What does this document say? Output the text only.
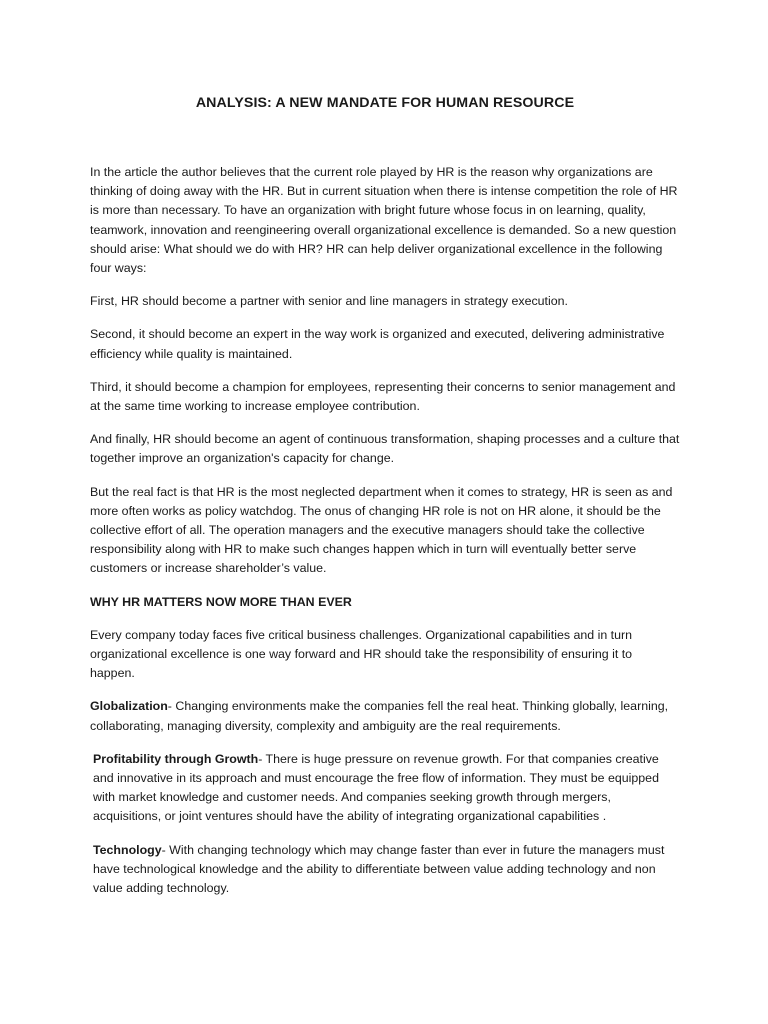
ANALYSIS: A NEW MANDATE FOR HUMAN RESOURCE

In the article the author believes that the current role played by HR is the reason why organizations are thinking of doing away with the HR. But in current situation when there is intense competition the role of HR is more than necessary. To have an organization with bright future whose focus in on learning, quality, teamwork, innovation and reengineering overall organizational excellence is demanded. So a new question should arise: What should we do with HR? HR can help deliver organizational excellence in the following four ways:

First, HR should become a partner with senior and line managers in strategy execution.

Second, it should become an expert in the way work is organized and executed, delivering administrative efficiency while quality is maintained.

Third, it should become a champion for employees, representing their concerns to senior management and at the same time working to increase employee contribution.

And finally, HR should become an agent of continuous transformation, shaping processes and a culture that together improve an organization's capacity for change.

But the real fact is that HR is the most neglected department when it comes to strategy, HR is seen as and more often works as policy watchdog. The onus of changing HR role is not on HR alone, it should be the collective effort of all. The operation managers and the executive managers should take the collective responsibility along with HR to make such changes happen which in turn will eventually better serve customers or increase shareholder’s value.

WHY HR MATTERS NOW MORE THAN EVER

Every company today faces five critical business challenges. Organizational capabilities and in turn organizational excellence is one way forward and HR should take the responsibility of ensuring it to happen.

Globalization- Changing environments make the companies fell the real heat. Thinking globally, learning, collaborating, managing diversity, complexity and ambiguity are the real requirements.

Profitability through Growth- There is huge pressure on revenue growth. For that companies creative and innovative in its approach and must encourage the free flow of information. They must be equipped with market knowledge and customer needs. And companies seeking growth through mergers, acquisitions, or joint ventures should have the ability of integrating organizational capabilities .

Technology- With changing technology which may change faster than ever in future the managers must have technological knowledge and the ability to differentiate between value adding technology and non value adding technology.
